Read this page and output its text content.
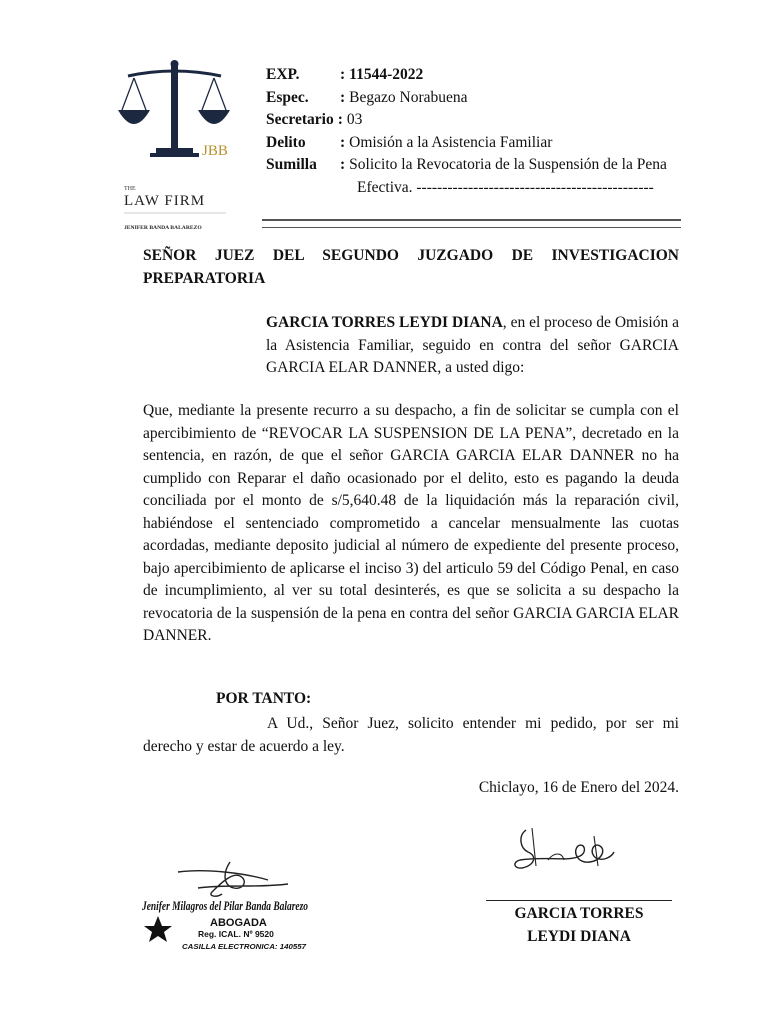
JBB
THE
LAW FIRM
JENIFER BANDA BALAREZO
EXP.	: 11544-2022
Espec.	: Begazo Norabuena
Secretario : 03
Delito	: Omisión a la Asistencia Familiar
Sumilla	: Solicito la Revocatoria de la Suspensión de la Pena
Efectiva. ----------------------------------------------
SEÑOR JUEZ DEL SEGUNDO JUZGADO DE INVESTIGACION
PREPARATORIA
GARCIA TORRES LEYDI DIANA, en el proceso de Omisión a la Asistencia Familiar, seguido en contra del señor GARCIA GARCIA ELAR DANNER, a usted digo:
Que, mediante la presente recurro a su despacho, a fin de solicitar se cumpla con el apercibimiento de “REVOCAR LA SUSPENSION DE LA PENA”, decretado en la sentencia, en razón, de que el señor GARCIA GARCIA ELAR DANNER no ha cumplido con Reparar el daño ocasionado por el delito, esto es pagando la deuda conciliada por el monto de s/5,640.48 de la liquidación más la reparación civil, habiéndose el sentenciado comprometido a cancelar mensualmente las cuotas acordadas, mediante deposito judicial al número de expediente del presente proceso, bajo apercibimiento de aplicarse el inciso 3) del articulo 59 del Código Penal, en caso de incumplimiento, al ver su total desinterés, es que se solicita a su despacho la revocatoria de la suspensión de la pena en contra del señor GARCIA GARCIA ELAR DANNER.
POR TANTO:
A Ud., Señor Juez, solicito entender mi pedido, por ser mi derecho y estar de acuerdo a ley.
Chiclayo, 16 de Enero del 2024.
GARCIA TORRES
LEYDI DIANA
Jenifer Milagros del Pilar Banda Balarezo
ABOGADA
Reg. ICAL. Nº 9520
CASILLA ELECTRONICA: 140557
